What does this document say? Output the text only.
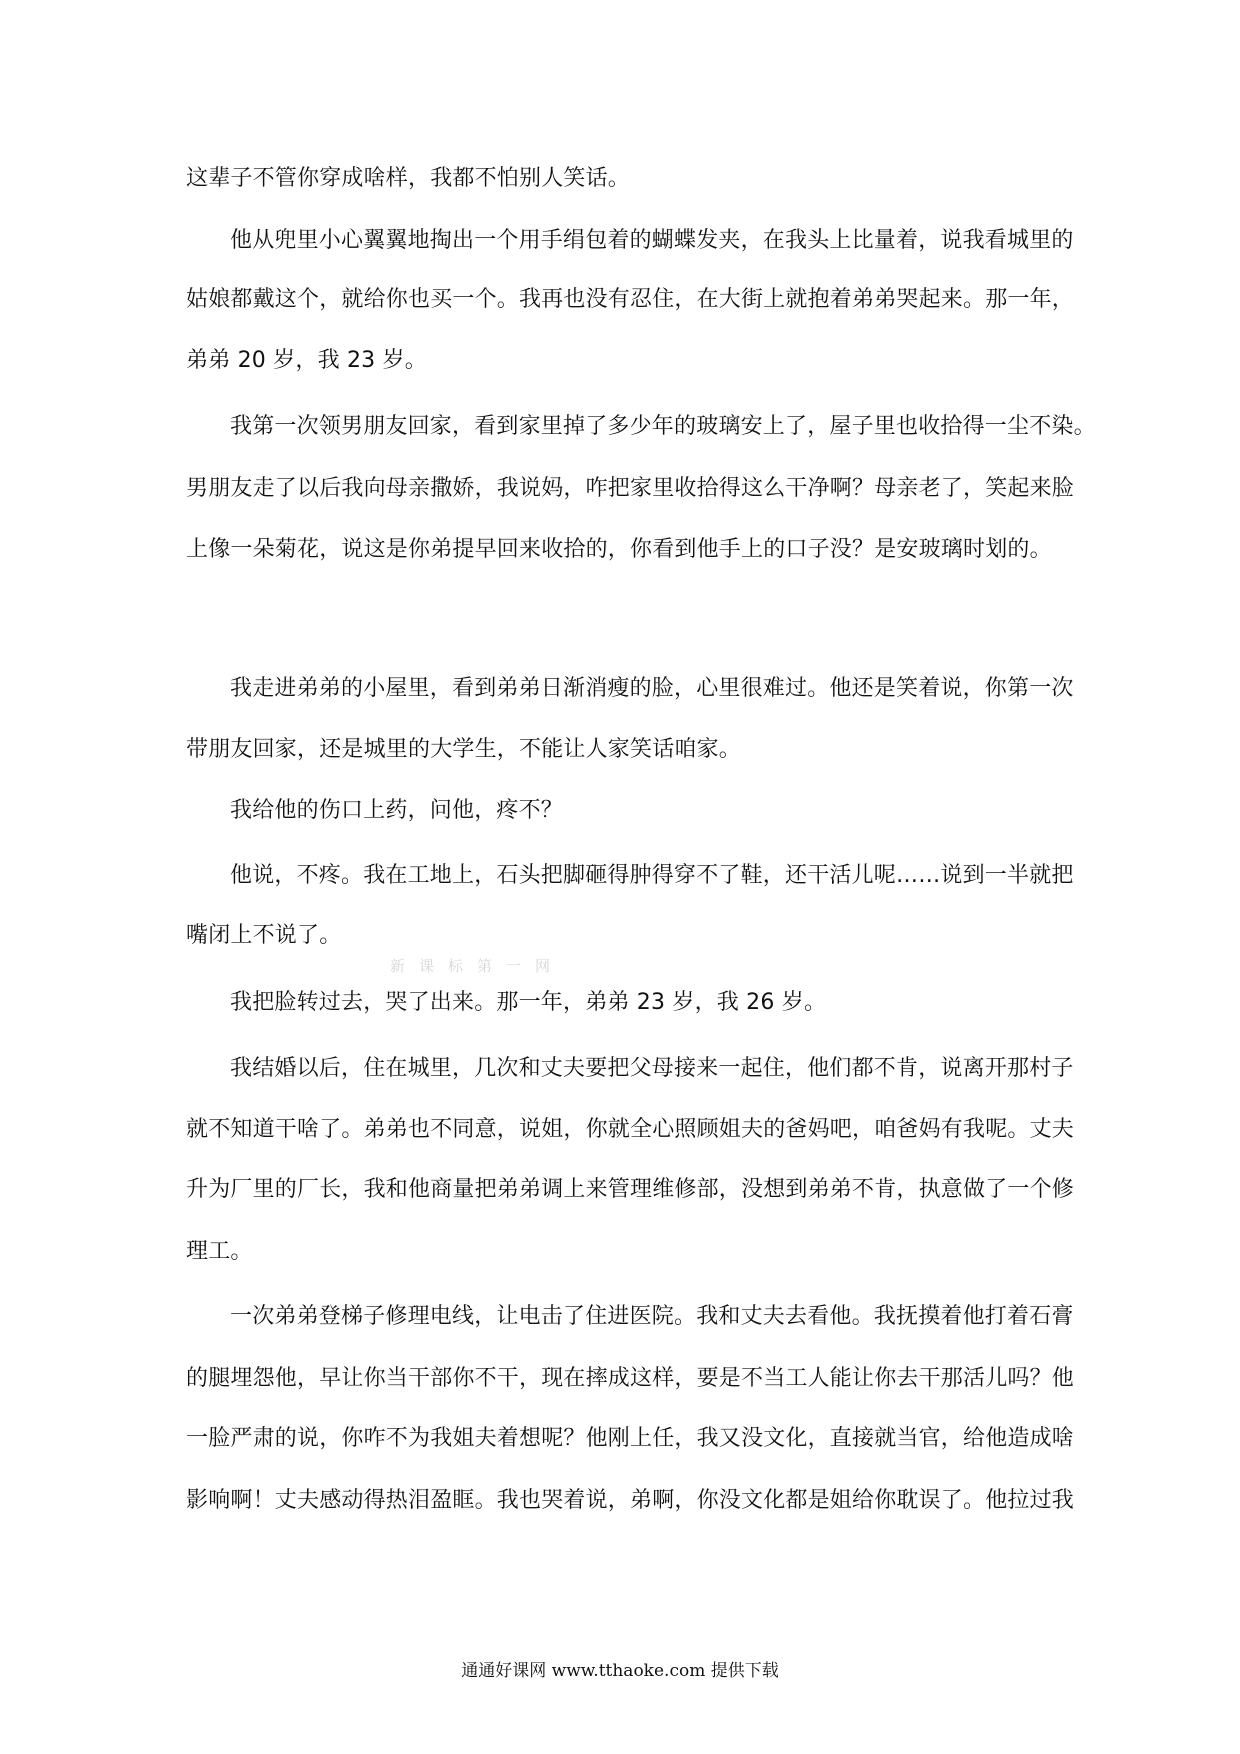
这辈子不管你穿成啥样，我都不怕别人笑话。
他从兜里小心翼翼地掏出一个用手绢包着的蝴蝶发夹，在我头上比量着，说我看城里的
姑娘都戴这个，就给你也买一个。我再也没有忍住，在大街上就抱着弟弟哭起来。那一年，
弟弟 20 岁，我 23 岁。
我第一次领男朋友回家，看到家里掉了多少年的玻璃安上了，屋子里也收拾得一尘不染。
男朋友走了以后我向母亲撒娇，我说妈，咋把家里收拾得这么干净啊？母亲老了，笑起来脸
上像一朵菊花，说这是你弟提早回来收拾的，你看到他手上的口子没？是安玻璃时划的。
我走进弟弟的小屋里，看到弟弟日渐消瘦的脸，心里很难过。他还是笑着说，你第一次
带朋友回家，还是城里的大学生，不能让人家笑话咱家。
我给他的伤口上药，问他，疼不？
他说，不疼。我在工地上，石头把脚砸得肿得穿不了鞋，还干活儿呢……说到一半就把
嘴闭上不说了。
我把脸转过去，哭了出来。那一年，弟弟 23 岁，我 26 岁。
我结婚以后，住在城里，几次和丈夫要把父母接来一起住，他们都不肯，说离开那村子
就不知道干啥了。弟弟也不同意，说姐，你就全心照顾姐夫的爸妈吧，咱爸妈有我呢。丈夫
升为厂里的厂长，我和他商量把弟弟调上来管理维修部，没想到弟弟不肯，执意做了一个修
理工。
一次弟弟登梯子修理电线，让电击了住进医院。我和丈夫去看他。我抚摸着他打着石膏
的腿埋怨他，早让你当干部你不干，现在摔成这样，要是不当工人能让你去干那活儿吗？他
一脸严肃的说，你咋不为我姐夫着想呢？他刚上任，我又没文化，直接就当官，给他造成啥
影响啊！丈夫感动得热泪盈眶。我也哭着说，弟啊，你没文化都是姐给你耽误了。他拉过我
新课标第一网
通通好课网 www.tthaoke.com 提供下载
